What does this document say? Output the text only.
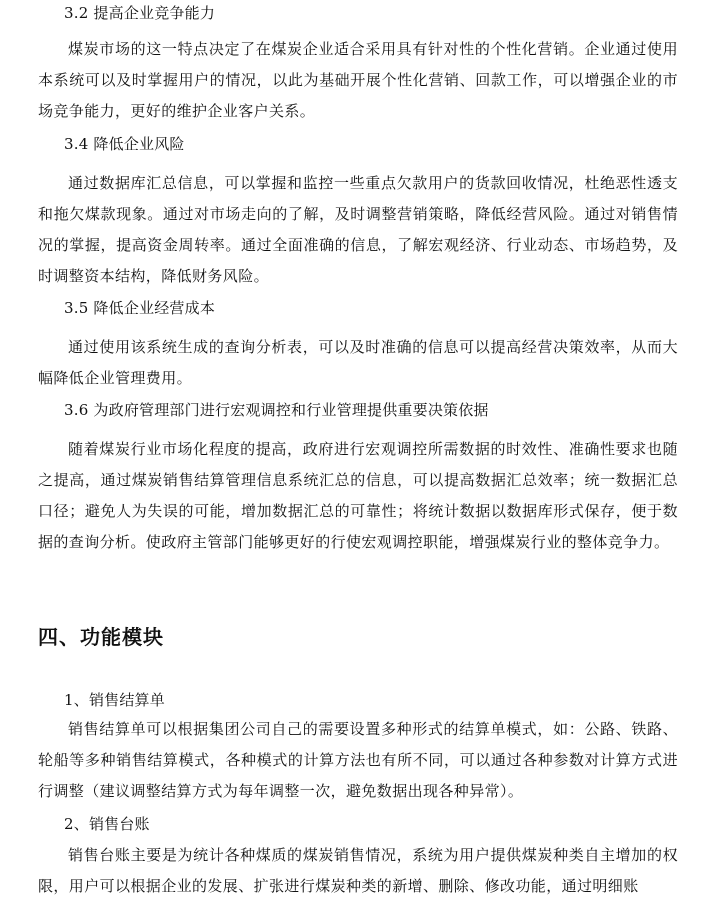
3.2 提高企业竞争能力

煤炭市场的这一特点决定了在煤炭企业适合采用具有针对性的个性化营销。企业通过使用本系统可以及时掌握用户的情况，以此为基础开展个性化营销、回款工作，可以增强企业的市场竞争能力，更好的维护企业客户关系。

3.4 降低企业风险

通过数据库汇总信息，可以掌握和监控一些重点欠款用户的货款回收情况，杜绝恶性透支和拖欠煤款现象。通过对市场走向的了解，及时调整营销策略，降低经营风险。通过对销售情况的掌握，提高资金周转率。通过全面准确的信息，了解宏观经济、行业动态、市场趋势，及时调整资本结构，降低财务风险。

3.5 降低企业经营成本

通过使用该系统生成的查询分析表，可以及时准确的信息可以提高经营决策效率，从而大幅降低企业管理费用。

3.6 为政府管理部门进行宏观调控和行业管理提供重要决策依据

随着煤炭行业市场化程度的提高，政府进行宏观调控所需数据的时效性、准确性要求也随之提高，通过煤炭销售结算管理信息系统汇总的信息，可以提高数据汇总效率；统一数据汇总口径；避免人为失误的可能，增加数据汇总的可靠性；将统计数据以数据库形式保存，便于数据的查询分析。使政府主管部门能够更好的行使宏观调控职能，增强煤炭行业的整体竞争力。

四、功能模块
1、销售结算单

销售结算单可以根据集团公司自己的需要设置多种形式的结算单模式，如：公路、铁路、轮船等多种销售结算模式，各种模式的计算方法也有所不同，可以通过各种参数对计算方式进行调整（建议调整结算方式为每年调整一次，避免数据出现各种异常）。

2、销售台账

销售台账主要是为统计各种煤质的煤炭销售情况，系统为用户提供煤炭种类自主增加的权限，用户可以根据企业的发展、扩张进行煤炭种类的新增、删除、修改功能，通过明细账
